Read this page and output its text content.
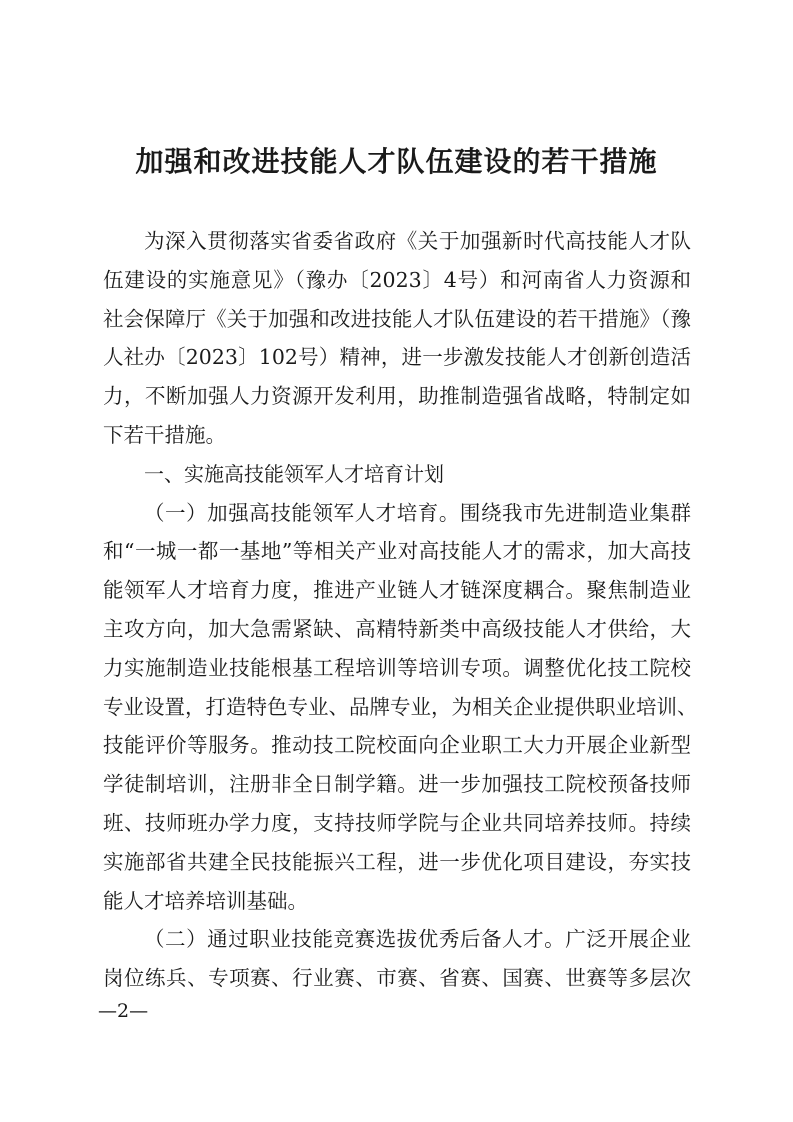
加强和改进技能人才队伍建设的若干措施
为深入贯彻落实省委省政府《关于加强新时代高技能人才队
伍建设的实施意见》（豫办〔2023〕4号）和河南省人力资源和
社会保障厅《关于加强和改进技能人才队伍建设的若干措施》（豫
人社办〔2023〕102号）精神，进一步激发技能人才创新创造活
力，不断加强人力资源开发利用，助推制造强省战略，特制定如
下若干措施。
一、实施高技能领军人才培育计划
（一）加强高技能领军人才培育。围绕我市先进制造业集群
和“一城一都一基地”等相关产业对高技能人才的需求，加大高技
能领军人才培育力度，推进产业链人才链深度耦合。聚焦制造业
主攻方向，加大急需紧缺、高精特新类中高级技能人才供给，大
力实施制造业技能根基工程培训等培训专项。调整优化技工院校
专业设置，打造特色专业、品牌专业，为相关企业提供职业培训、
技能评价等服务。推动技工院校面向企业职工大力开展企业新型
学徒制培训，注册非全日制学籍。进一步加强技工院校预备技师
班、技师班办学力度，支持技师学院与企业共同培养技师。持续
实施部省共建全民技能振兴工程，进一步优化项目建设，夯实技
能人才培养培训基础。
（二）通过职业技能竞赛选拔优秀后备人才。广泛开展企业
岗位练兵、专项赛、行业赛、市赛、省赛、国赛、世赛等多层次
—2—
